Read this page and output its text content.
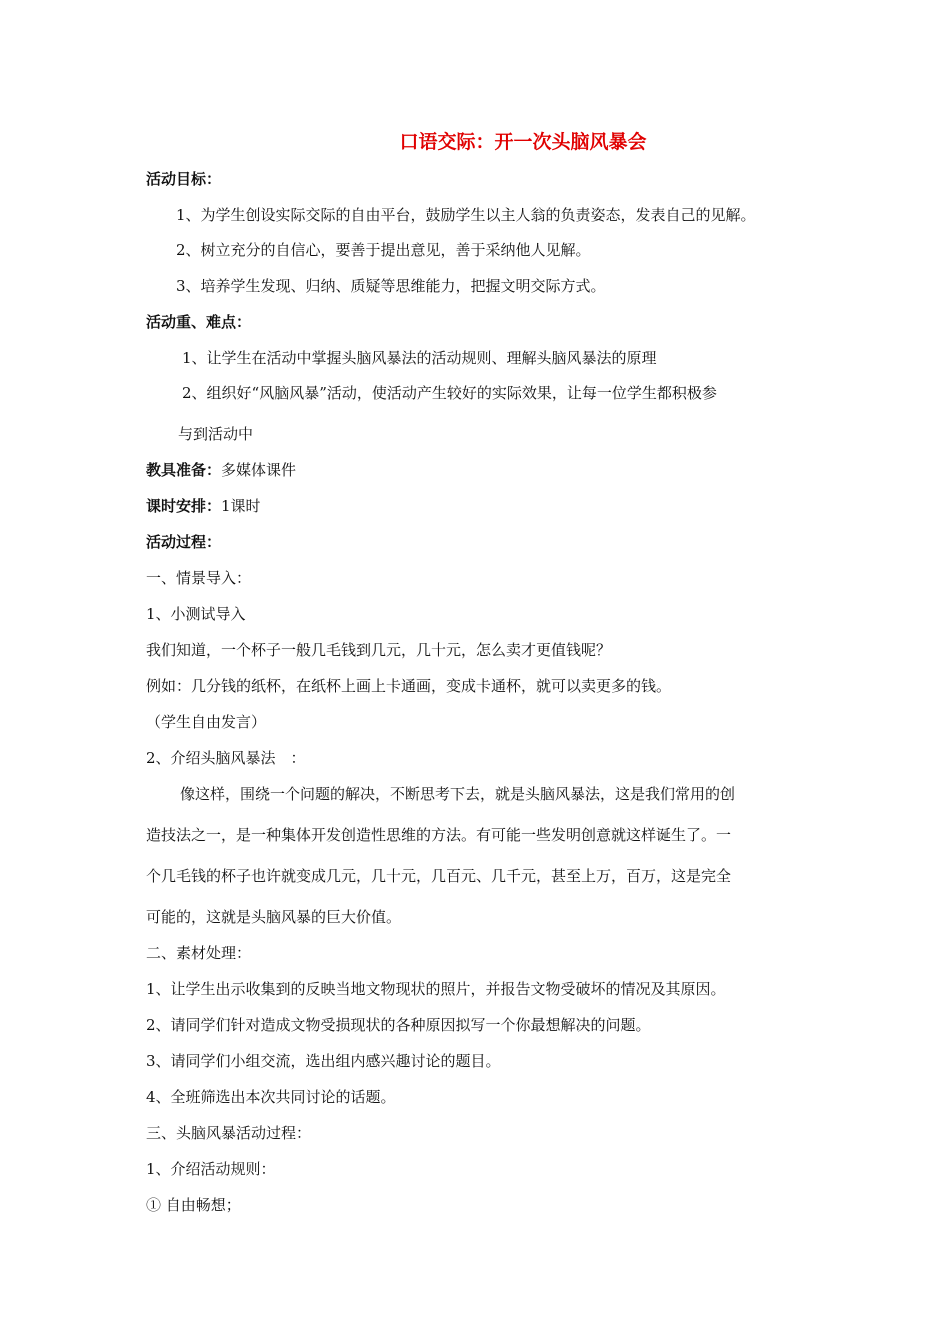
口语交际：开一次头脑风暴会
活动目标：
1、为学生创设实际交际的自由平台，鼓励学生以主人翁的负责姿态，发表自己的见解。
2、树立充分的自信心，要善于提出意见，善于采纳他人见解。
3、培养学生发现、归纳、质疑等思维能力，把握文明交际方式。
活动重、难点：
1、让学生在活动中掌握头脑风暴法的活动规则、理解头脑风暴法的原理
2、组织好“风脑风暴”活动，使活动产生较好的实际效果，让每一位学生都积极参
与到活动中
教具准备：多媒体课件
课时安排：1课时
活动过程：
一、情景导入：
1、小测试导入
我们知道，一个杯子一般几毛钱到几元，几十元，怎么卖才更值钱呢？
例如：几分钱的纸杯，在纸杯上画上卡通画，变成卡通杯，就可以卖更多的钱。
（学生自由发言）
2、介绍头脑风暴法　：
像这样，围绕一个问题的解决，不断思考下去，就是头脑风暴法，这是我们常用的创
造技法之一，是一种集体开发创造性思维的方法。有可能一些发明创意就这样诞生了。一
个几毛钱的杯子也许就变成几元，几十元，几百元、几千元，甚至上万，百万，这是完全
可能的，这就是头脑风暴的巨大价值。
二、素材处理：
1、让学生出示收集到的反映当地文物现状的照片，并报告文物受破坏的情况及其原因。
2、请同学们针对造成文物受损现状的各种原因拟写一个你最想解决的问题。
3、请同学们小组交流，选出组内感兴趣讨论的题目。
4、全班筛选出本次共同讨论的话题。
三、头脑风暴活动过程：
1、介绍活动规则：
① 自由畅想；
